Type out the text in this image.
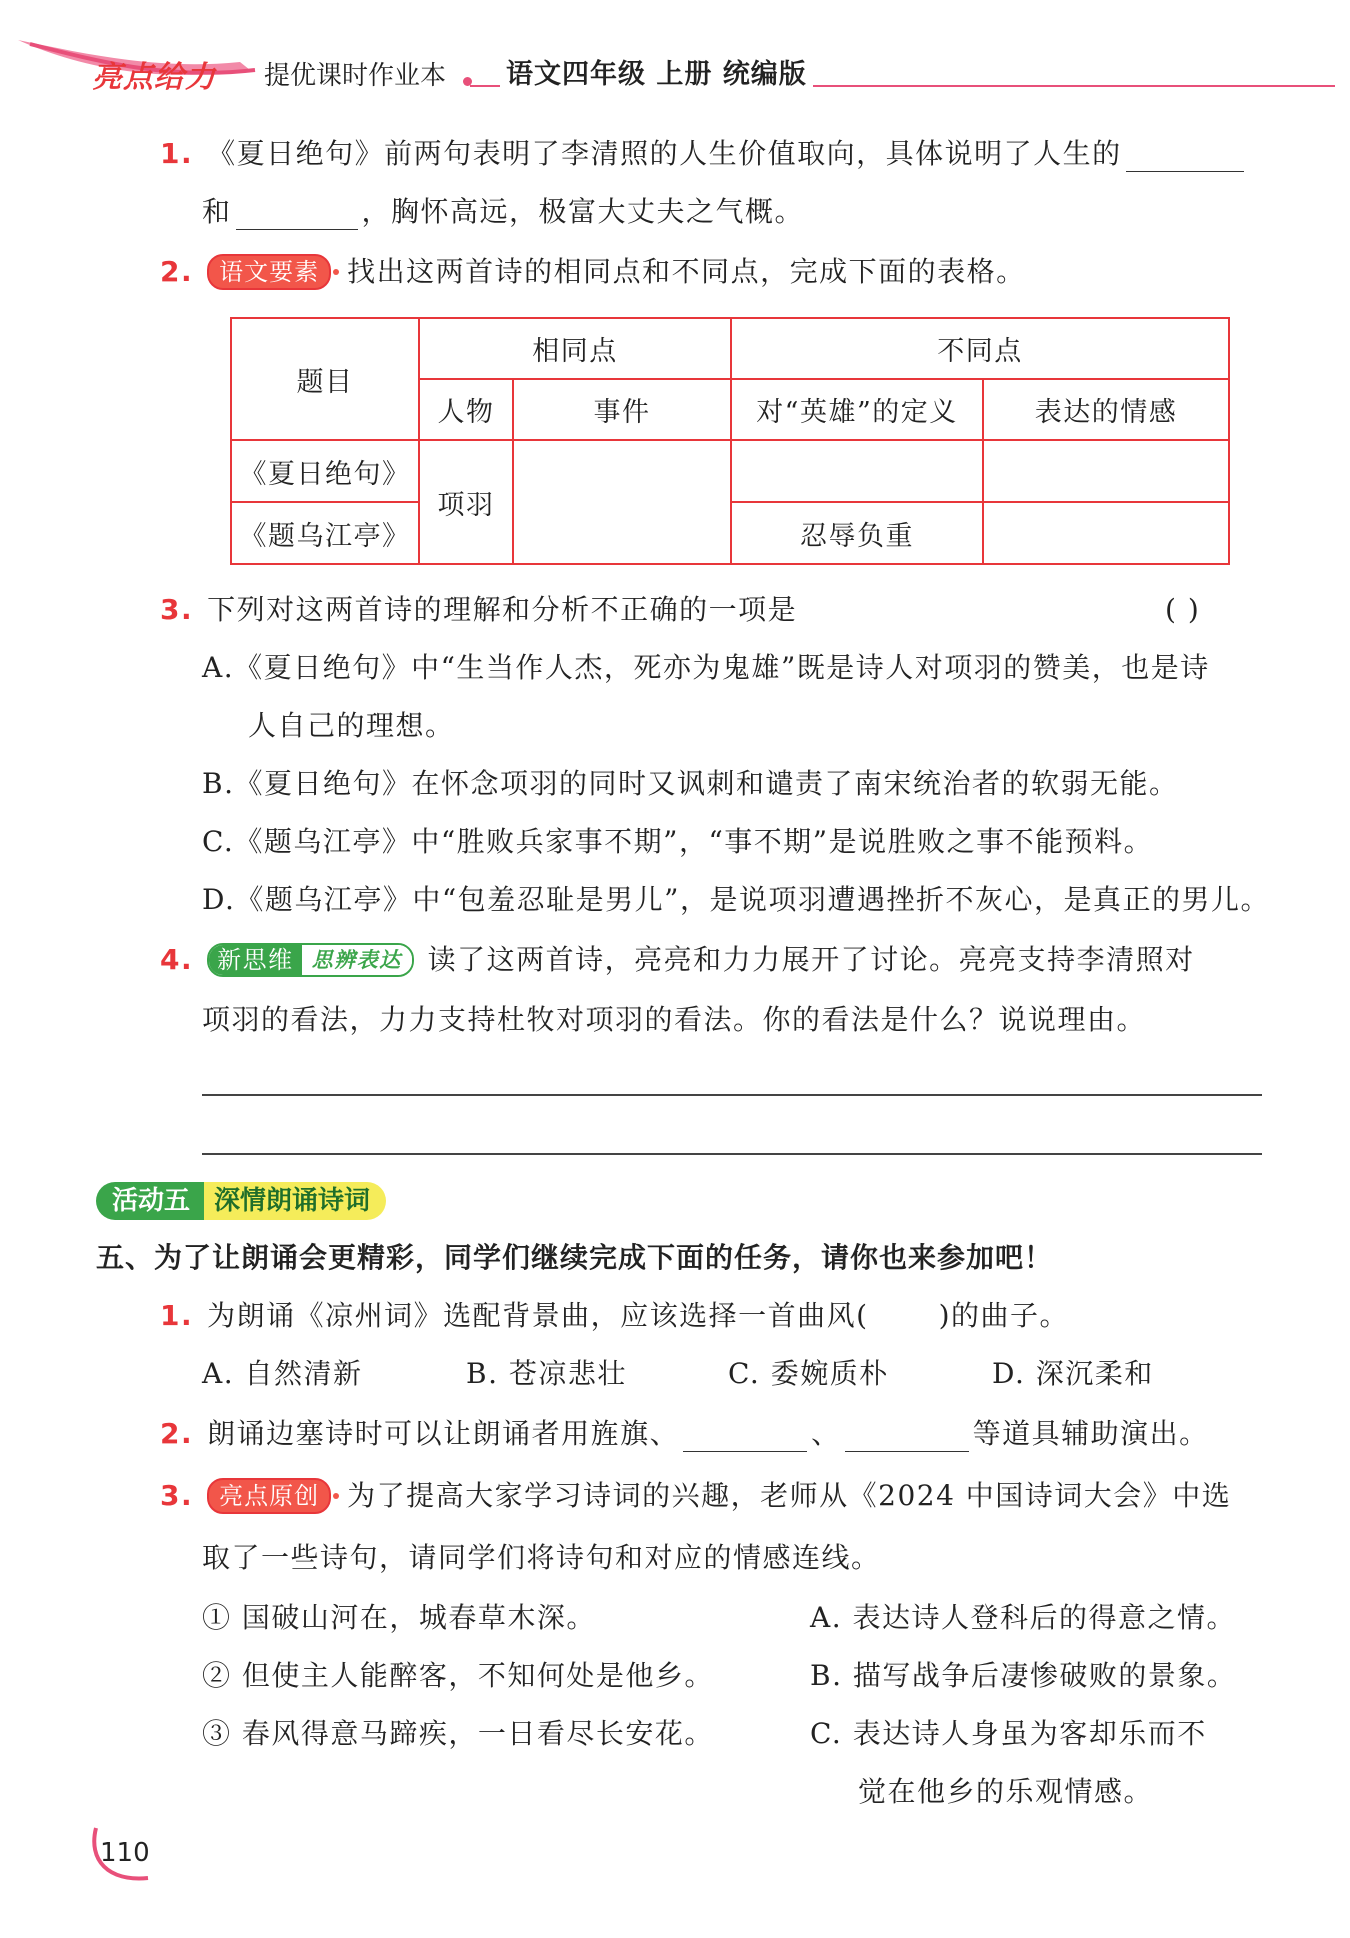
亮点给力 提优课时作业本 语文四年级 上册 统编版
1. 《夏日绝句》前两句表明了李清照的人生价值取向，具体说明了人生的
和	，胸怀高远，极富大丈夫之气概。
2. 语文要素 找出这两首诗的相同点和不同点，完成下面的表格。
题目	相同点		不同点	
	人物	事件	对“英雄”的定义	表达的情感
《夏日绝句》	项羽			
《题乌江亭》			忍辱负重	
3. 下列对这两首诗的理解和分析不正确的一项是	( )
A.《夏日绝句》中“生当作人杰，死亦为鬼雄”既是诗人对项羽的赞美，也是诗
人自己的理想。
B.《夏日绝句》在怀念项羽的同时又讽刺和谴责了南宋统治者的软弱无能。
C.《题乌江亭》中“胜败兵家事不期”，“事不期”是说胜败之事不能预料。
D.《题乌江亭》中“包羞忍耻是男儿”，是说项羽遭遇挫折不灰心，是真正的男儿。
4.	新思维 思辨表达 读了这两首诗，亮亮和力力展开了讨论。亮亮支持李清照对
项羽的看法，力力支持杜牧对项羽的看法。你的看法是什么？说说理由。
活动五 深情朗诵诗词
五、为了让朗诵会更精彩，同学们继续完成下面的任务，请你也来参加吧！
1. 为朗诵《凉州词》选配背景曲，应该选择一首曲风(	)的曲子。
A. 自然清新	B. 苍凉悲壮	C. 委婉质朴	D. 深沉柔和
2. 朗诵边塞诗时可以让朗诵者用旌旗、	、	等道具辅助演出。
3. 亮点原创 为了提高大家学习诗词的兴趣，老师从《2024 中国诗词大会》中选
取了一些诗句，请同学们将诗句和对应的情感连线。
① 国破山河在，城春草木深。
② 但使主人能醉客，不知何处是他乡。
③ 春风得意马蹄疾，一日看尽长安花。
A. 表达诗人登科后的得意之情。
B. 描写战争后凄惨破败的景象。
C. 表达诗人身虽为客却乐而不
觉在他乡的乐观情感。
110
